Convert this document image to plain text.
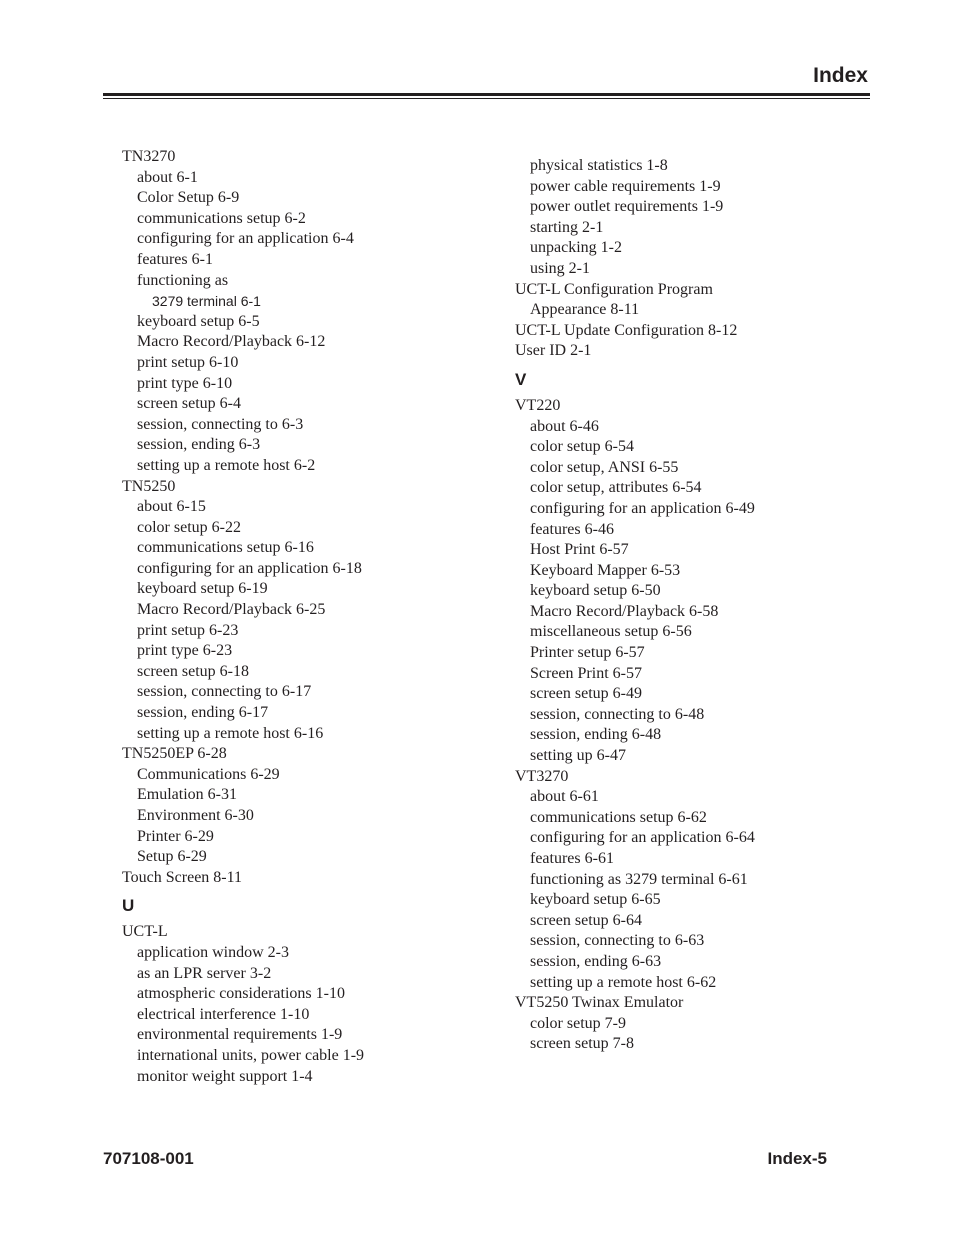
Index
TN3270
about 6-1
Color Setup 6-9
communications setup 6-2
configuring for an application 6-4
features 6-1
functioning as
3279 terminal 6-1
keyboard setup 6-5
Macro Record/Playback 6-12
print setup 6-10
print type 6-10
screen setup 6-4
session, connecting to 6-3
session, ending 6-3
setting up a remote host 6-2
TN5250
about 6-15
color setup 6-22
communications setup 6-16
configuring for an application 6-18
keyboard setup 6-19
Macro Record/Playback 6-25
print setup 6-23
print type 6-23
screen setup 6-18
session, connecting to 6-17
session, ending 6-17
setting up a remote host 6-16
TN5250EP 6-28
Communications 6-29
Emulation 6-31
Environment 6-30
Printer 6-29
Setup 6-29
Touch Screen 8-11
U
UCT-L
application window 2-3
as an LPR server 3-2
atmospheric considerations 1-10
electrical interference 1-10
environmental requirements 1-9
international units, power cable 1-9
monitor weight support 1-4
physical statistics 1-8
power cable requirements 1-9
power outlet requirements 1-9
starting 2-1
unpacking 1-2
using 2-1
UCT-L Configuration Program
Appearance 8-11
UCT-L Update Configuration 8-12
User ID 2-1
V
VT220
about 6-46
color setup 6-54
color setup, ANSI 6-55
color setup, attributes 6-54
configuring for an application 6-49
features 6-46
Host Print 6-57
Keyboard Mapper 6-53
keyboard setup 6-50
Macro Record/Playback 6-58
miscellaneous setup 6-56
Printer setup 6-57
Screen Print 6-57
screen setup 6-49
session, connecting to 6-48
session, ending 6-48
setting up 6-47
VT3270
about 6-61
communications setup 6-62
configuring for an application 6-64
features 6-61
functioning as 3279 terminal 6-61
keyboard setup 6-65
screen setup 6-64
session, connecting to 6-63
session, ending 6-63
setting up a remote host 6-62
VT5250 Twinax Emulator
color setup 7-9
screen setup 7-8
707108-001	Index-5
